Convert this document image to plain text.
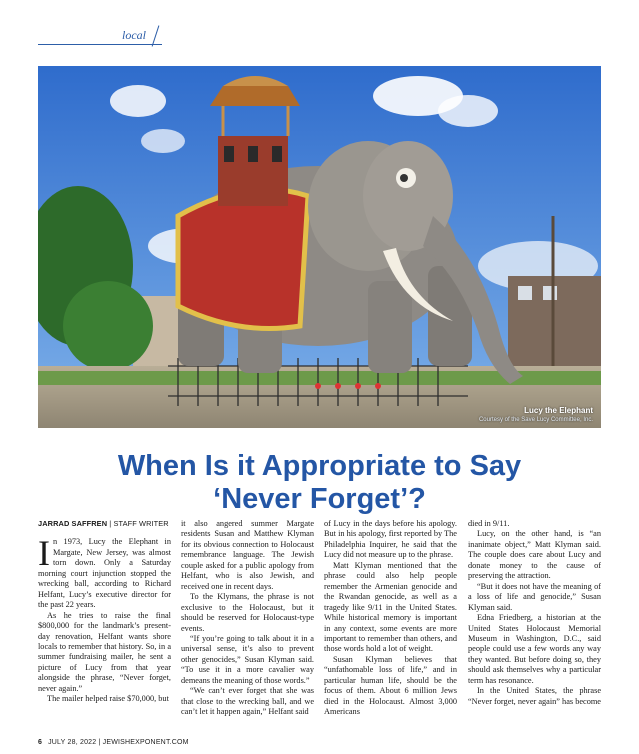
local
Lucy the Elephant
Courtesy of the Save Lucy Committee, Inc.
When Is it Appropriate to Say
‘Never Forget’?
JARRAD SAFFREN | STAFF WRITER

In 1973, Lucy the Elephant in Margate, New Jersey, was almost torn down. Only a Saturday morning court injunction stopped the wrecking ball, according to Richard Helfant, Lucy’s executive director for the past 22 years.

As he tries to raise the final $800,000 for the landmark’s present-day renovation, Helfant wants shore locals to remember that history. So, in a summer fundraising mailer, he sent a picture of Lucy from that year alongside the phrase, “Never forget, never again.”

The mailer helped raise $70,000, but

it also angered summer Margate residents Susan and Matthew Klyman for its obvious connection to Holocaust remembrance language. The Jewish couple asked for a public apology from Helfant, who is also Jewish, and received one in recent days.

To the Klymans, the phrase is not exclusive to the Holocaust, but it should be reserved for Holocaust-type events.

“If you’re going to talk about it in a universal sense, it’s also to prevent other genocides,” Susan Klyman said. “To use it in a more cavalier way demeans the meaning of those words.”

“We can’t ever forget that she was that close to the wrecking ball, and we can’t let it happen again,” Helfant said

of Lucy in the days before his apology. But in his apology, first reported by The Philadelphia Inquirer, he said that the Lucy did not measure up to the phrase.

Matt Klyman mentioned that the phrase could also help people remember the Armenian genocide and the Rwandan genocide, as well as a tragedy like 9/11 in the United States. While historical memory is important in any context, some events are more important to remember than others, and those words hold a lot of weight.

Susan Klyman believes that “unfathomable loss of life,” and in particular human life, should be the focus of them. About 6 million Jews died in the Holocaust. Almost 3,000 Americans

died in 9/11.

Lucy, on the other hand, is “an inanimate object,” Matt Klyman said. The couple does care about Lucy and donate money to the cause of preserving the attraction.

“But it does not have the meaning of a loss of life and genocide,” Susan Klyman said.

Edna Friedberg, a historian at the United States Holocaust Memorial Museum in Washington, D.C., said people could use a few words any way they wanted. But before doing so, they should ask themselves why a particular term has resonance.

In the United States, the phrase “Never forget, never again” has become

6 JULY 28, 2022 | JEWISHEXPONENT.COM
